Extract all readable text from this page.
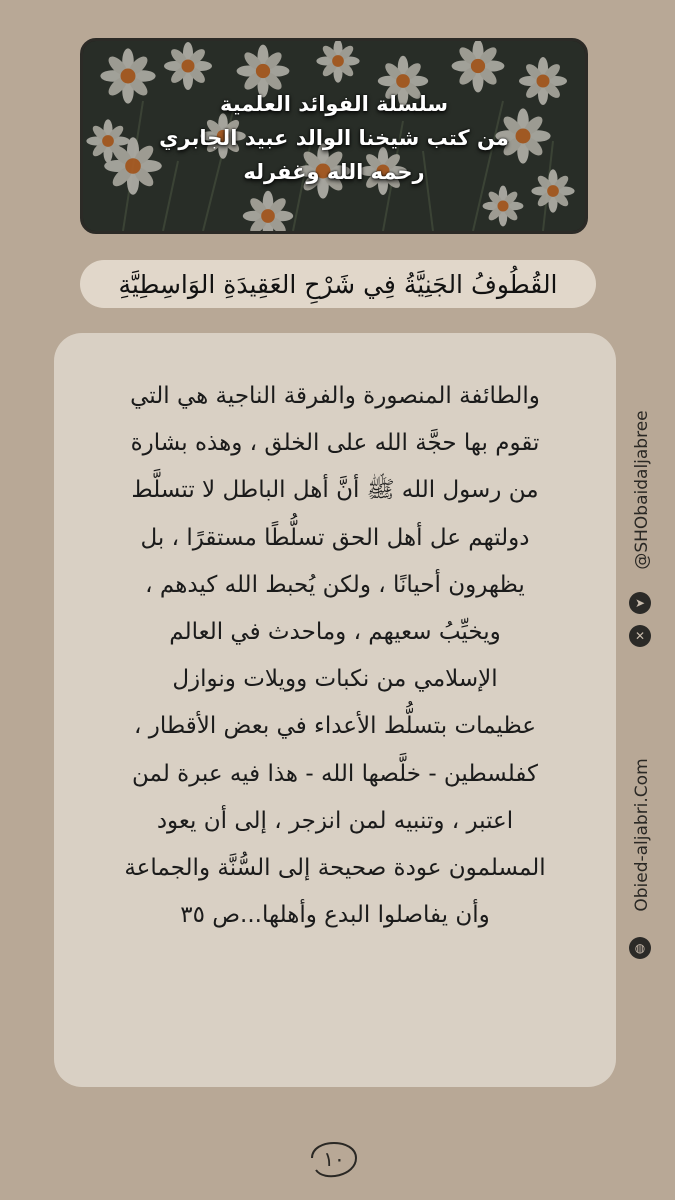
سلسلة الفوائد العلمية
من كتب شيخنا الوالد عبيد الجابري
رحمه الله وغفرله
القُطُوفُ الجَنِيَّةُ فِي شَرْحِ العَقِيدَةِ الوَاسِطِيَّةِ
والطائفة المنصورة والفرقة الناجية هي التي
تقوم بها حجَّة الله على الخلق ، وهذه بشارة
من رسول الله ﷺ أنَّ أهل الباطل لا تتسلَّط
دولتهم عل أهل الحق تسلُّطًا مستقرًا ، بل
يظهرون أحيانًا ، ولكن يُحبط الله كيدهم ،
ويخيِّبُ سعيهم ، وماحدث في العالم
الإسلامي من نكبات وويلات ونوازل
عظيمات بتسلُّط الأعداء في بعض الأقطار ،
كفلسطين - خلَّصها الله - هذا فيه عبرة لمن
اعتبر ، وتنبيه لمن انزجر ، إلى أن يعود
المسلمون عودة صحيحة إلى السُّنَّة والجماعة
وأن يفاصلوا البدع وأهلها...ص ٣٥
@SHObaidaljabree
➤
✕
Obied-aljabri.Com
◍
١٠
